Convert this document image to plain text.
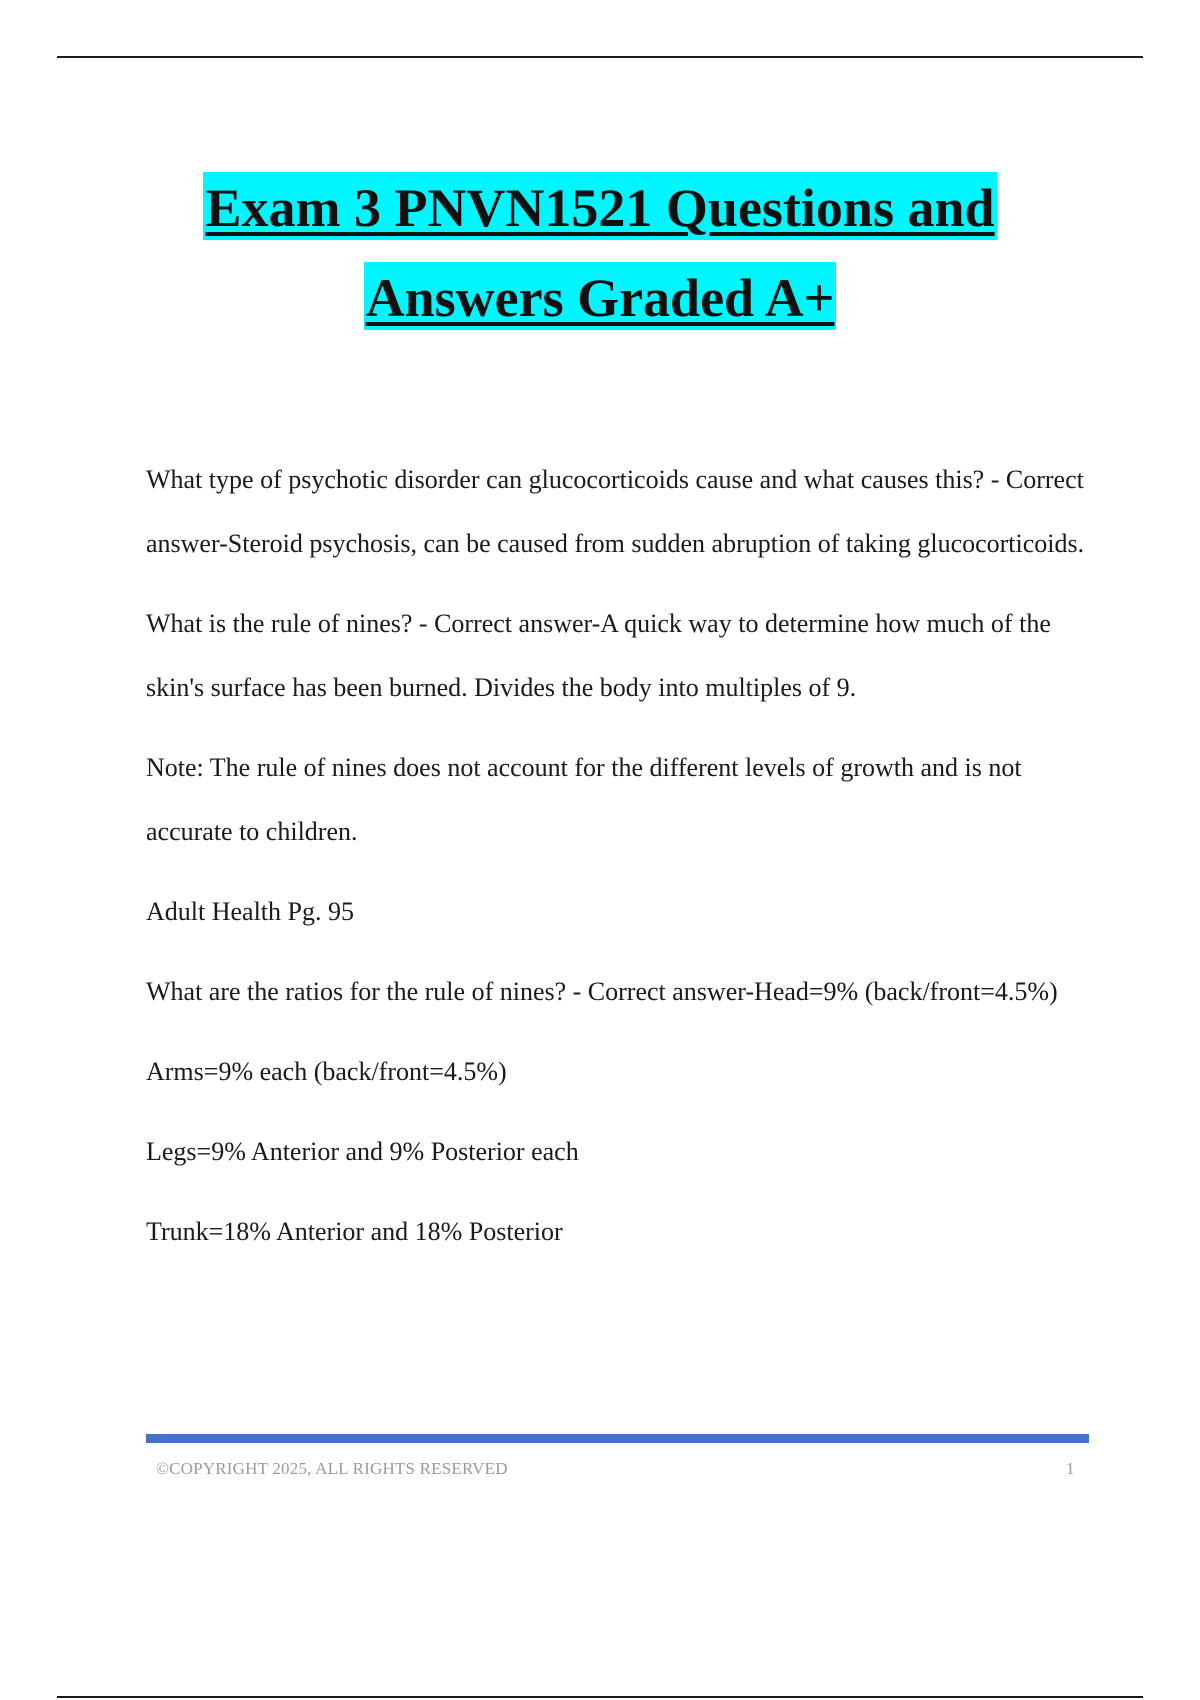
Exam 3 PNVN1521 Questions and
Answers Graded A+

What type of psychotic disorder can glucocorticoids cause and what causes this? - Correct answer-Steroid psychosis, can be caused from sudden abruption of taking glucocorticoids.

What is the rule of nines? - Correct answer-A quick way to determine how much of the skin's surface has been burned. Divides the body into multiples of 9.

Note: The rule of nines does not account for the different levels of growth and is not accurate to children.

Adult Health Pg. 95

What are the ratios for the rule of nines? - Correct answer-Head=9% (back/front=4.5%)

Arms=9% each (back/front=4.5%)

Legs=9% Anterior and 9% Posterior each

Trunk=18% Anterior and 18% Posterior

©COPYRIGHT 2025, ALL RIGHTS RESERVED	1
